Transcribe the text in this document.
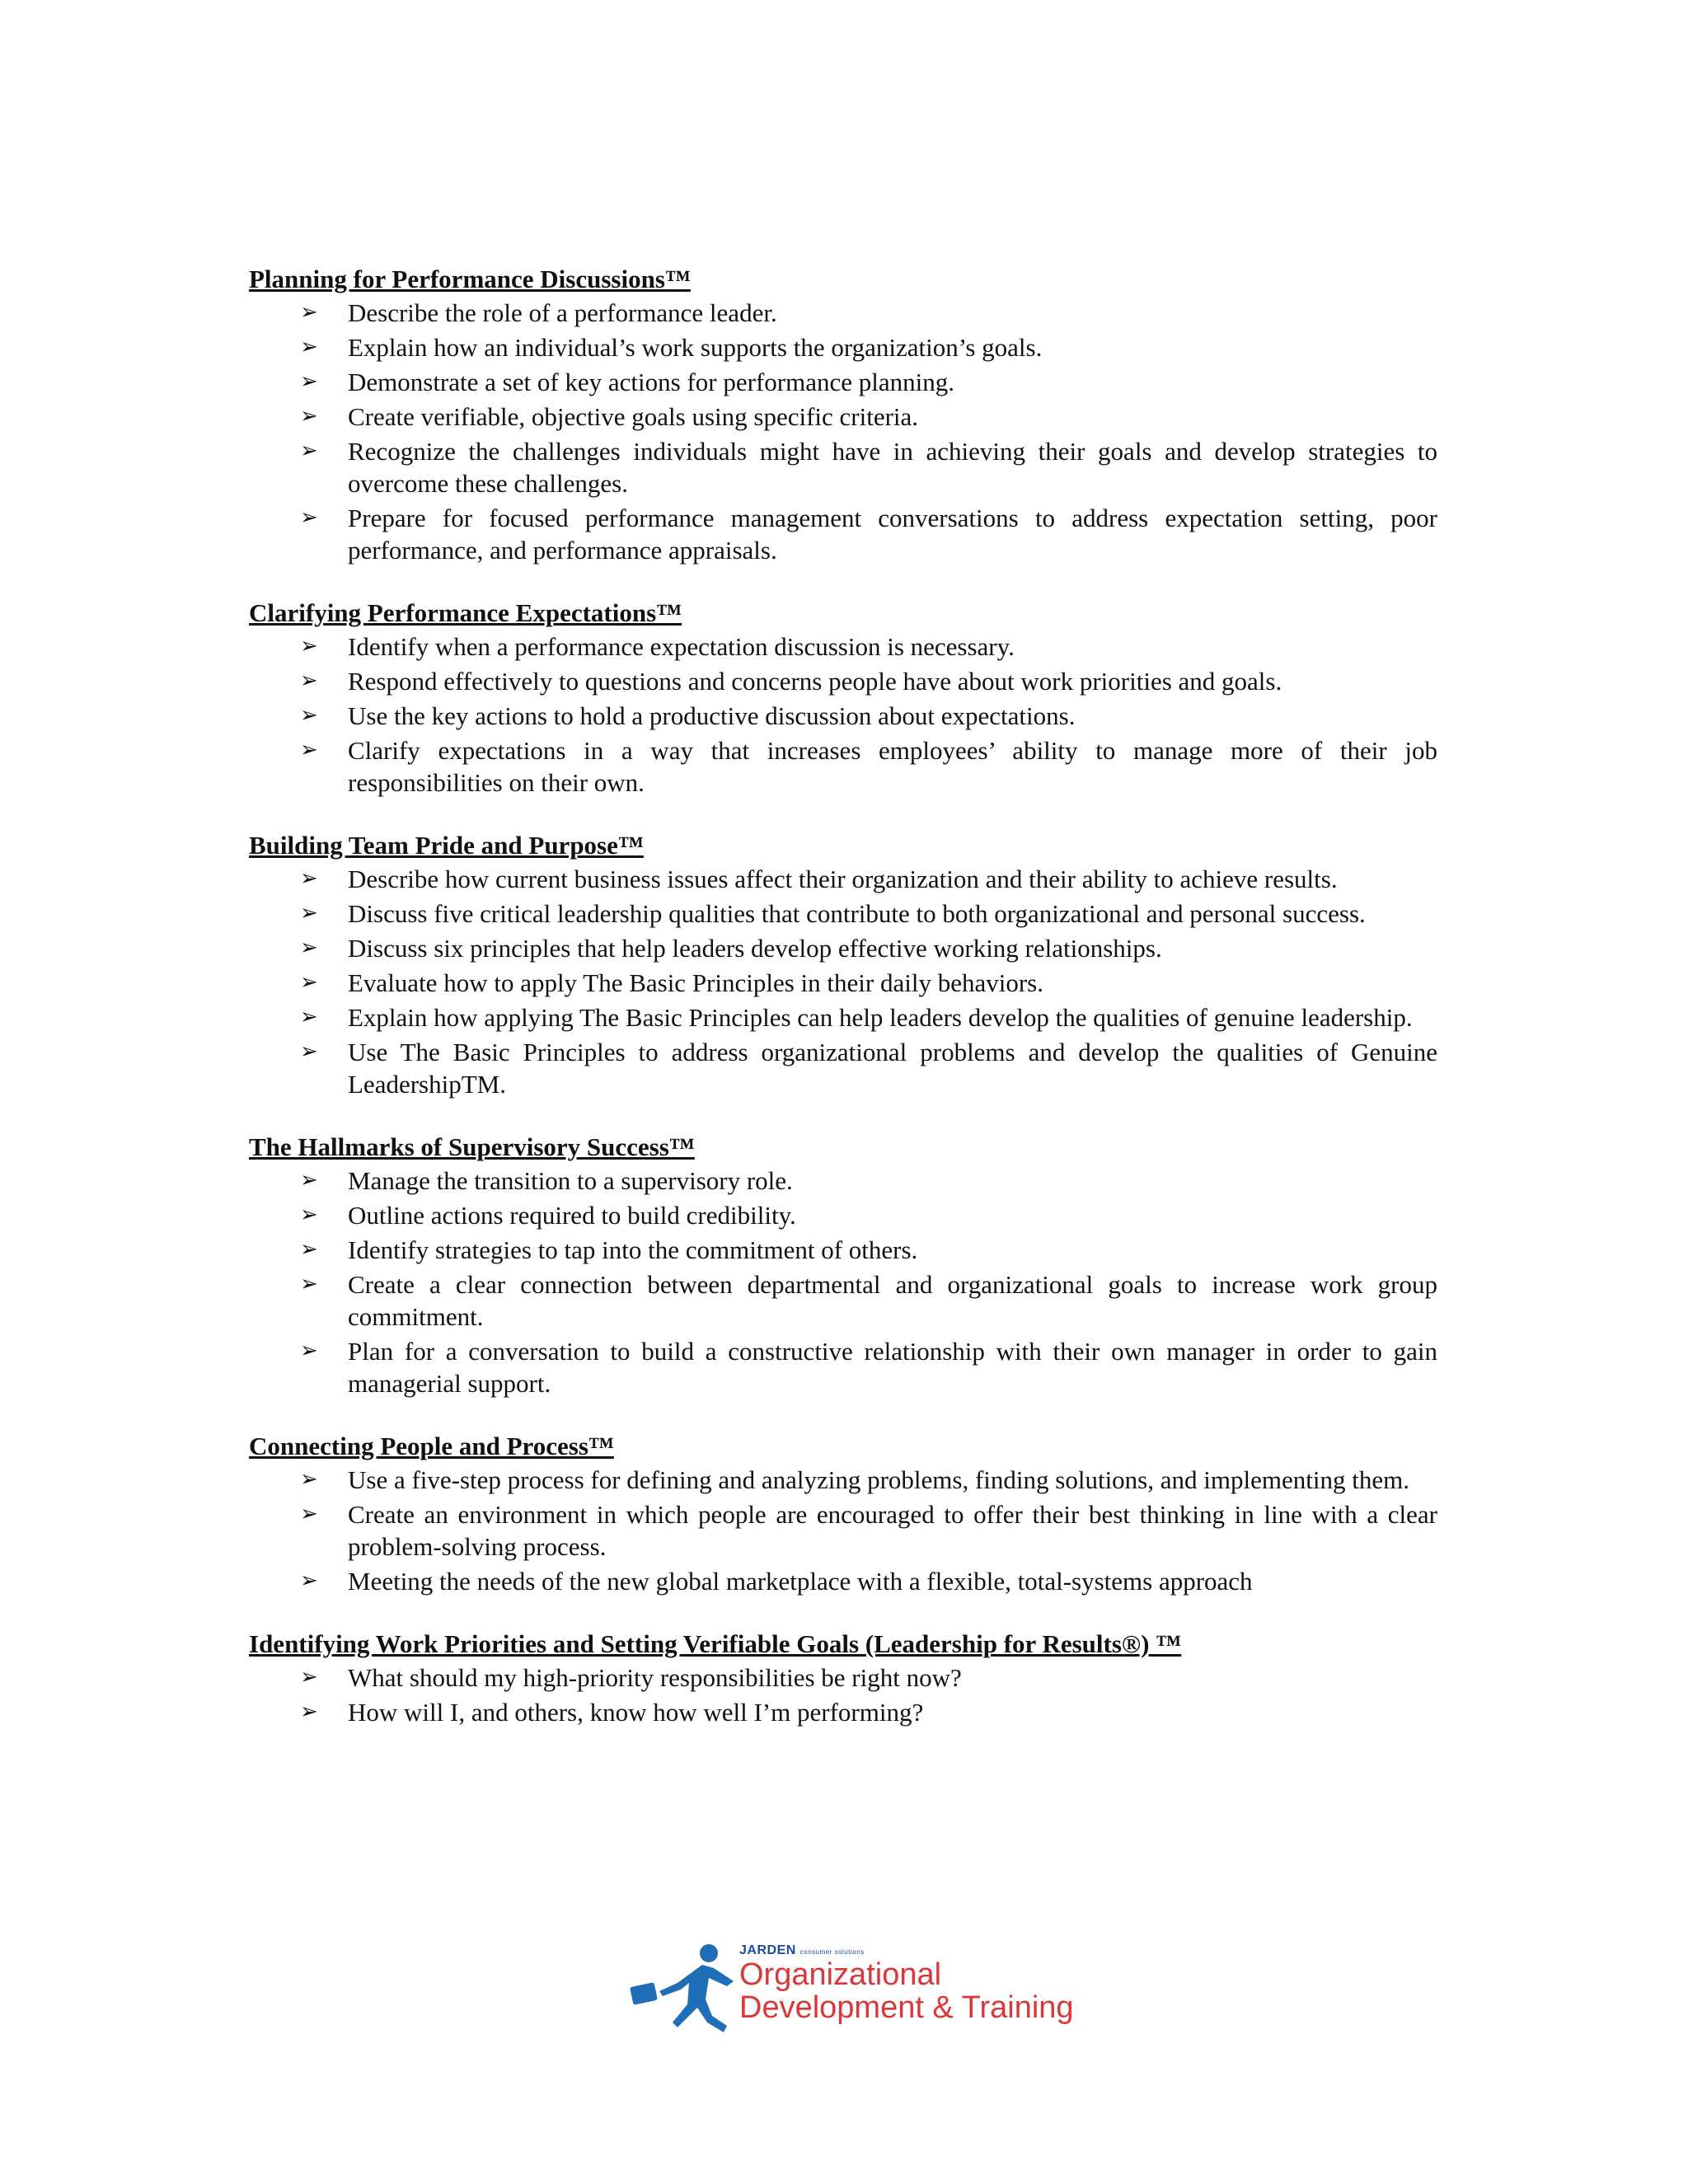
Planning for Performance Discussions™

➢ Describe the role of a performance leader.
➢ Explain how an individual’s work supports the organization’s goals.
➢ Demonstrate a set of key actions for performance planning.
➢ Create verifiable, objective goals using specific criteria.
➢ Recognize the challenges individuals might have in achieving their goals and develop strategies to overcome these challenges.
➢ Prepare for focused performance management conversations to address expectation setting, poor performance, and performance appraisals.

Clarifying Performance Expectations™

➢ Identify when a performance expectation discussion is necessary.
➢ Respond effectively to questions and concerns people have about work priorities and goals.
➢ Use the key actions to hold a productive discussion about expectations.
➢ Clarify expectations in a way that increases employees’ ability to manage more of their job responsibilities on their own.

Building Team Pride and Purpose™

➢ Describe how current business issues affect their organization and their ability to achieve results.
➢ Discuss five critical leadership qualities that contribute to both organizational and personal success.
➢ Discuss six principles that help leaders develop effective working relationships.
➢ Evaluate how to apply The Basic Principles in their daily behaviors.
➢ Explain how applying The Basic Principles can help leaders develop the qualities of genuine leadership.
➢ Use The Basic Principles to address organizational problems and develop the qualities of Genuine LeadershipTM.

The Hallmarks of Supervisory Success™

➢ Manage the transition to a supervisory role.
➢ Outline actions required to build credibility.
➢ Identify strategies to tap into the commitment of others.
➢ Create a clear connection between departmental and organizational goals to increase work group commitment.
➢ Plan for a conversation to build a constructive relationship with their own manager in order to gain managerial support.

Connecting People and Process™

➢ Use a five-step process for defining and analyzing problems, finding solutions, and implementing them.
➢ Create an environment in which people are encouraged to offer their best thinking in line with a clear problem-solving process.
➢ Meeting the needs of the new global marketplace with a flexible, total-systems approach

Identifying Work Priorities and Setting Verifiable Goals (Leadership for Results®) ™

➢ What should my high-priority responsibilities be right now?
➢ How will I, and others, know how well I’m performing?
JARDEN consumer solutions
Organizational
Development & Training
